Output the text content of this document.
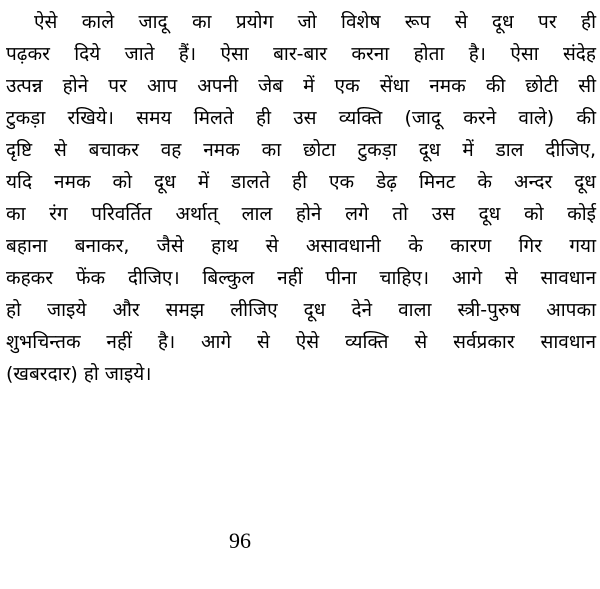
ऐसे काले जादू का प्रयोग जो विशेष रूप से दूध पर ही
पढ़कर दिये जाते हैं। ऐसा बार-बार करना होता है। ऐसा संदेह
उत्पन्न होने पर आप अपनी जेब में एक सेंधा नमक की छोटी सी
टुकड़ा रखिये। समय मिलते ही उस व्यक्ति (जादू करने वाले) की
दृष्टि से बचाकर वह नमक का छोटा टुकड़ा दूध में डाल दीजिए,
यदि नमक को दूध में डालते ही एक डेढ़ मिनट के अन्दर दूध
का रंग परिवर्तित अर्थात् लाल होने लगे तो उस दूध को कोई
बहाना बनाकर, जैसे हाथ से असावधानी के कारण गिर गया
कहकर फेंक दीजिए। बिल्कुल नहीं पीना चाहिए। आगे से सावधान
हो जाइये और समझ लीजिए दूध देने वाला स्त्री-पुरुष आपका
शुभचिन्तक नहीं है। आगे से ऐसे व्यक्ति से सर्वप्रकार सावधान
(खबरदार) हो जाइये।
96
